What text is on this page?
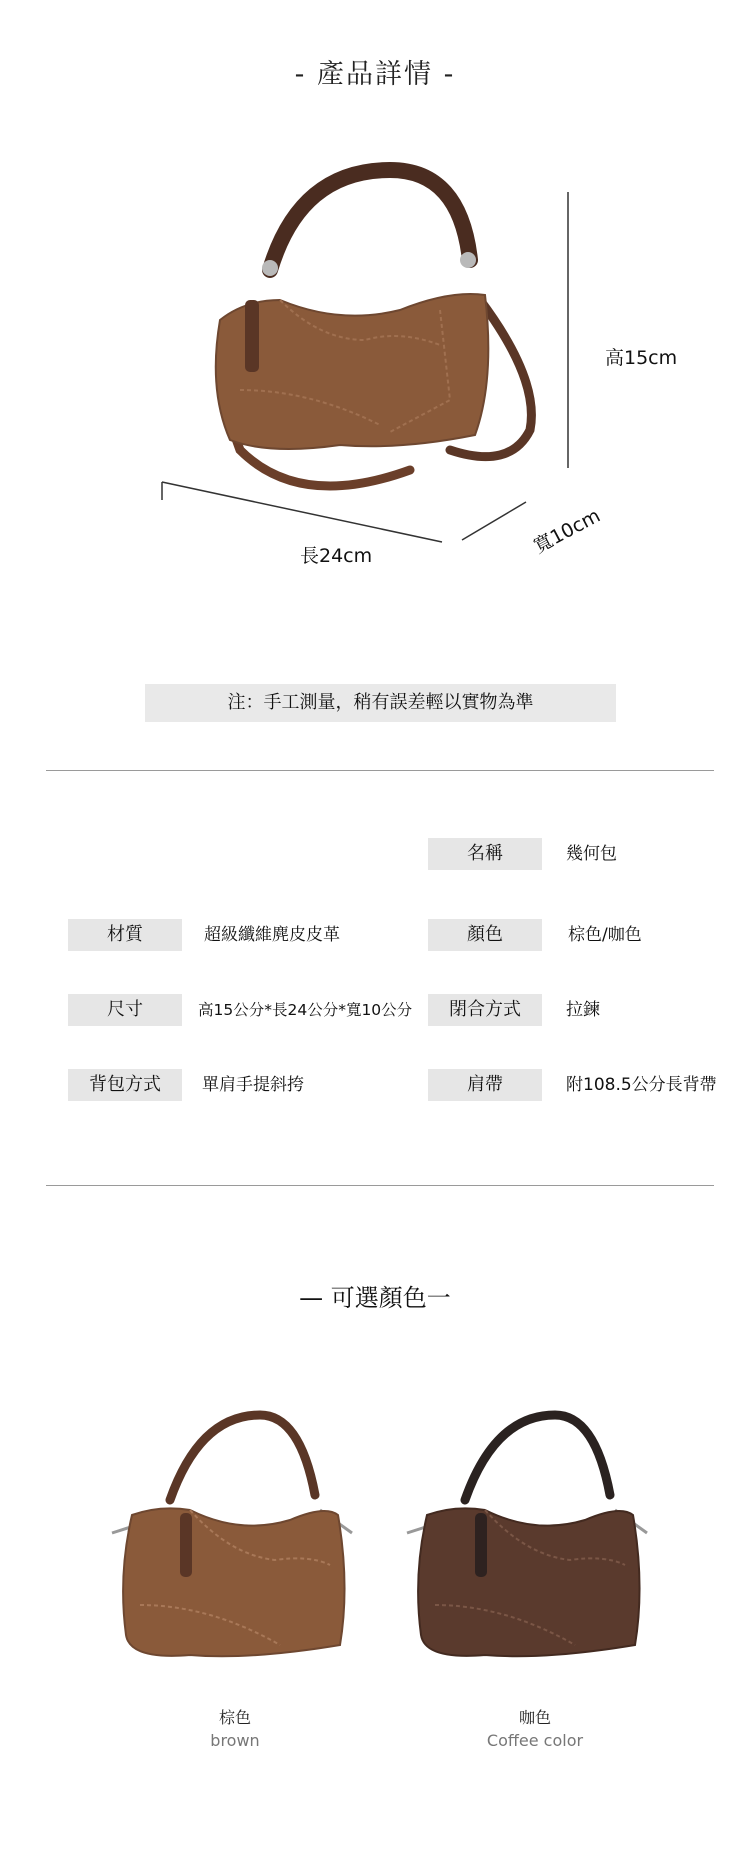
- 產品詳情 -
高15cm
長24cm	寬10cm
注：手工測量，稍有誤差輕以實物為準
名稱	幾何包
材質	超級纖維麂皮皮革	顏色	棕色/咖色
尺寸	高15公分*長24公分*寬10公分	閉合方式	拉鍊
背包方式	單肩手提斜挎	肩帶	附108.5公分長背帶
— 可選顏色一
棕色
brown
咖色
Coffee color
